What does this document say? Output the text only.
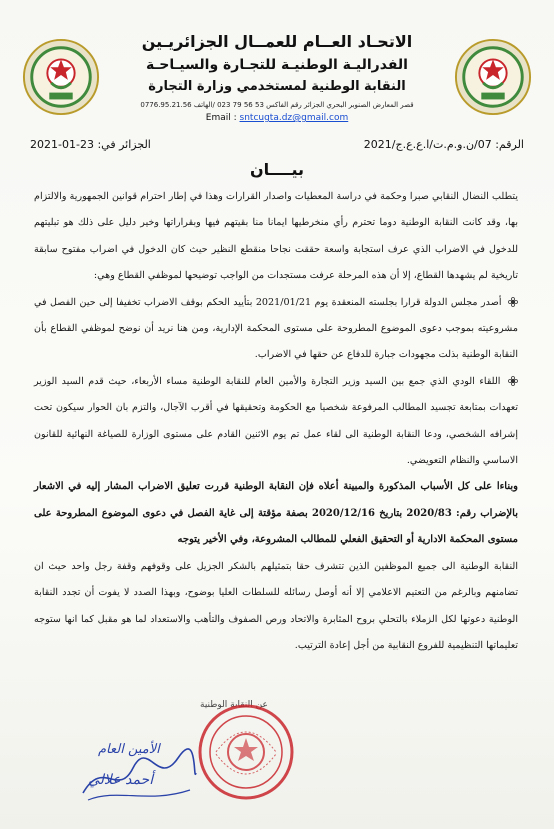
الاتحـاد العــام للعمــال الجزائريـين
الفدراليـة الوطنيـة للتجـارة والسيـاحـة
النقابة الوطنية لمستخدمي وزارة التجارة
قصر المعارض الصنوبر البحري الجزائر رقم الفاكس 53 56 79 023 /الهاتف 0776.95.21.56
Email : sntcugta.dz@gmail.com
الرقم: 07/ن.و.م.ت/ا.ع.ع.ج/2021
الجزائر في: 23-01-2021
بيــــان

يتطلب النضال النقابي صبرا وحكمة في دراسة المعطيات واصدار القرارات وهذا في إطار احترام قوانين الجمهورية والالتزام بها، وقد كانت النقابة الوطنية دوما تحترم رأي منخرطيها ايمانا منا بقيتهم فيها وبقراراتها وخير دليل على ذلك هو تبليتهم للدخول في الاضراب الذي عرف استجابة واسعة حققت نجاحا منقطع النظير حيث كان الدخول في اضراب مفتوح سابقة تاريخية لم يشهدها القطاع، إلا أن هذه المرحلة عرفت مستجدات من الواجب توضيحها لموظفي القطاع وهي:

أصدر مجلس الدولة قرارا بجلسته المنعقدة يوم 2021/01/21 بتأييد الحكم بوقف الاضراب تخفيفا إلى حين الفصل في مشروعيته بموجب دعوى الموضوع المطروحة على مستوى المحكمة الإدارية، ومن هنا نريد أن نوضح لموظفي القطاع بأن النقابة الوطنية بذلت مجهودات جبارة للدفاع عن حقها في الاضراب.

اللقاء الودي الذي جمع بين السيد وزير التجارة والأمين العام للنقابة الوطنية مساء الأربعاء، حيث قدم السيد الوزير تعهدات بمتابعة تجسيد المطالب المرفوعة شخصيا مع الحكومة وتحقيقها في أقرب الآجال، والتزم بان الحوار سيكون تحت إشرافه الشخصي، ودعا النقابة الوطنية الى لقاء عمل تم يوم الاثنين القادم على مستوى الوزارة للصياغة النهائية للقانون الاساسي والنظام التعويضي.

وبناءا على كل الأسباب المذكورة والمبينة أعلاه فإن النقابة الوطنية قررت تعليق الاضراب المشار إليه في الاشعار بالإضراب رقم: 2020/83 بتاريخ 2020/12/16 بصفة مؤقتة إلى غاية الفصل في دعوى الموضوع المطروحة على مستوى المحكمة الادارية أو التحقيق الفعلي للمطالب المشروعة، وفي الأخير يتوجه

النقابة الوطنية الى جميع الموظفين الذين تتشرف حقا بتمثيلهم بالشكر الجزيل على وقوفهم وقفة رجل واحد حيث ان تضامنهم وبالرغم من التعتيم الاعلامي إلا أنه أوصل رسائله للسلطات العليا بوضوح، وبهذا الصدد لا يفوت أن تجدد النقابة الوطنية دعوتها لكل الزملاء بالتحلي بروح المثابرة والاتحاد ورص الصفوف والتأهب والاستعداد لما هو مقبل كما انها ستوجه تعليماتها التنظيمية للفروع النقابية من أجل إعادة الترتيب.

عن النقابة الوطنية
الأمين العام
أحمد علالي
